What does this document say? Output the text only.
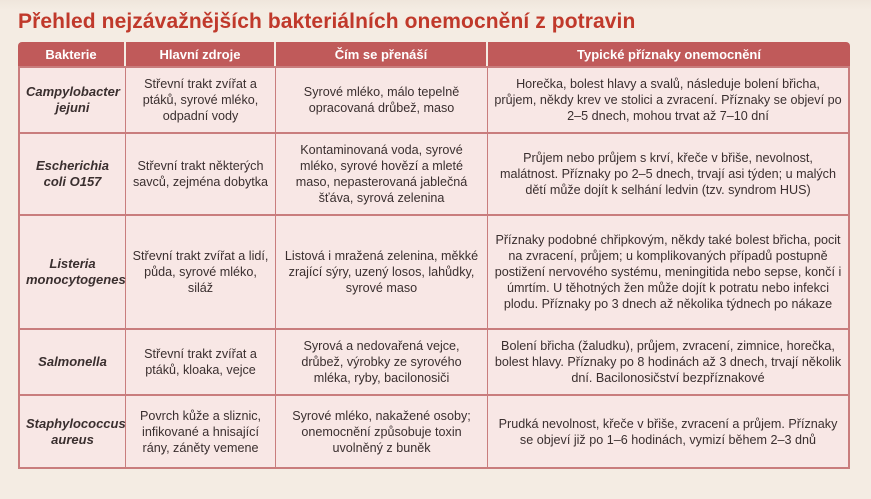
Přehled nejzávažnějších bakteriálních onemocnění z potravin
Bakterie	Hlavní zdroje	Čím se přenáší	Typické příznaky onemocnění
Campylobacter jejuni	Střevní trakt zvířat a ptáků, syrové mléko, odpadní vody	Syrové mléko, málo tepelně opracovaná drůbež, maso	Horečka, bolest hlavy a svalů, následuje bolení břicha, průjem, někdy krev ve stolici a zvracení. Příznaky se objeví po 2–5 dnech, mohou trvat až 7–10 dní
Escherichia coli O157	Střevní trakt některých savců, zejména dobytka	Kontaminovaná voda, syrové mléko, syrové hovězí a mleté maso, nepasterovaná jablečná šťáva, syrová zelenina	Průjem nebo průjem s krví, křeče v břiše, nevolnost, malátnost. Příznaky po 2–5 dnech, trvají asi týden; u malých dětí může dojít k selhání ledvin (tzv. syndrom HUS)
Listeria monocytogenes	Střevní trakt zvířat a lidí, půda, syrové mléko, siláž	Listová i mražená zelenina, měkké zrající sýry, uzený losos, lahůdky, syrové maso	Příznaky podobné chřipkovým, někdy také bolest břicha, pocit na zvracení, průjem; u komplikovaných případů postupně postižení nervového systému, meningitida nebo sepse, končí i úmrtím. U těhotných žen může dojít k potratu nebo infekci plodu. Příznaky po 3 dnech až několika týdnech po nákaze
Salmonella	Střevní trakt zvířat a ptáků, kloaka, vejce	Syrová a nedovařená vejce, drůbež, výrobky ze syrového mléka, ryby, bacilonosiči	Bolení břicha (žaludku), průjem, zvracení, zimnice, horečka, bolest hlavy. Příznaky po 8 hodinách až 3 dnech, trvají několik dní. Bacilonosičství bezpříznakové
Staphylococcus aureus	Povrch kůže a sliznic, infikované a hnisající rány, záněty vemene	Syrové mléko, nakažené osoby; onemocnění způsobuje toxin uvolněný z buněk	Prudká nevolnost, křeče v břiše, zvracení a průjem. Příznaky se objeví již po 1–6 hodinách, vymizí během 2–3 dnů
